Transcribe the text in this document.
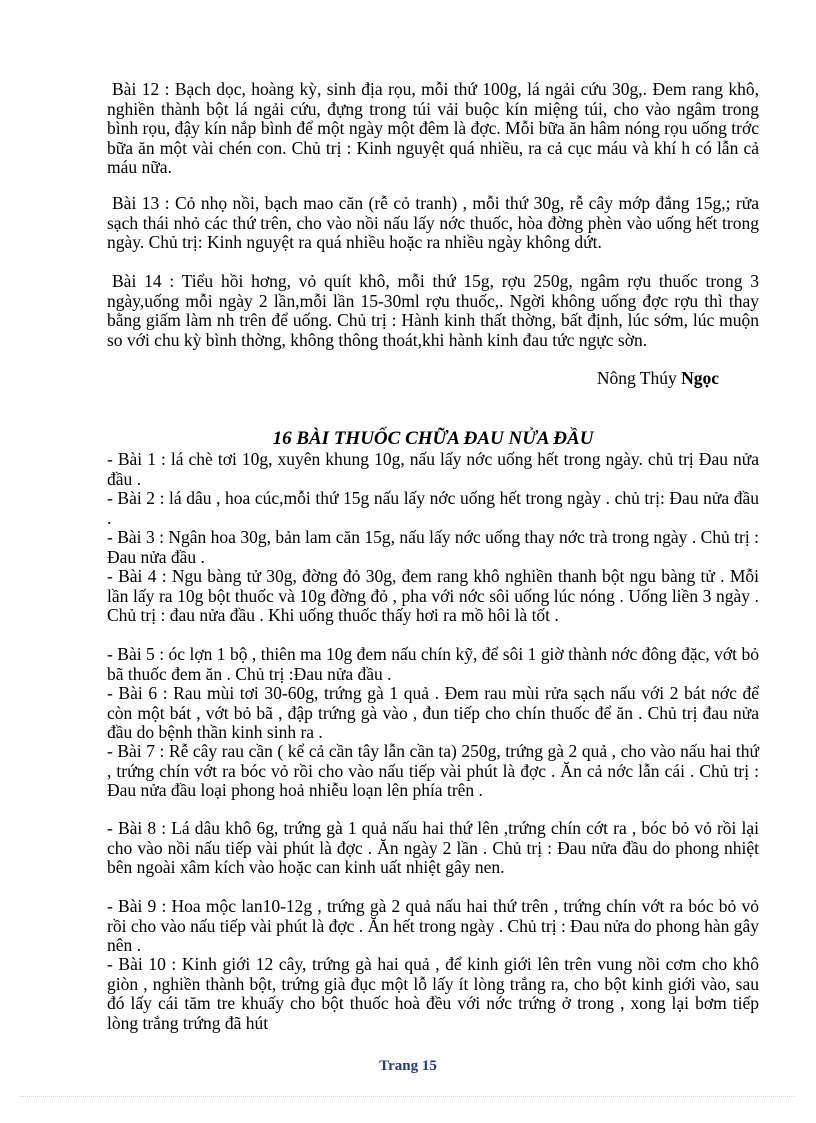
Bài 12 : Bạch dọc, hoàng kỳ, sinh địa rọu, mỗi thứ 100g, lá ngải cứu 30g,. Đem rang khô, nghiền thành bột lá ngải cứu, đựng trong túi vải buộc kín miệng túi, cho vào ngâm trong bình rọu, đậy kín nắp bình để một ngày một đêm là đợc. Mỗi bữa ăn hâm nóng rọu uống trớc bữa ăn một vài chén con. Chủ trị : Kinh nguyệt quá nhiều, ra cả cục máu và khí h có lẫn cả máu nữa.

Bài 13 : Cỏ nhọ nồi, bạch mao căn (rễ cỏ tranh) , mỗi thứ 30g, rễ cây mớp đắng 15g,; rửa sạch thái nhỏ các thứ trên, cho vào nồi nấu lấy nớc thuốc, hòa đờng phèn vào uống hết trong ngày. Chủ trị: Kinh nguyệt ra quá nhiều hoặc ra nhiều ngày không dứt.

Bài 14 : Tiểu hồi hơng, vỏ quít khô, mỗi thứ 15g, rợu 250g, ngâm rợu thuốc trong 3 ngày,uống mỗi ngày 2 lần,mỗi lần 15-30ml rợu thuốc,. Ngời không uống đợc rợu thì thay bằng giấm làm nh trên để uống. Chủ trị : Hành kinh thất thờng, bất định, lúc sớm, lúc muộn so với chu kỳ bình thờng, không thông thoát,khi hành kinh đau tức ngực sờn.

Nông Thúy Ngọc
16 BÀI THUỐC CHỮA ĐAU NỬA ĐẦU

- Bài 1 : lá chè tơi 10g, xuyên khung 10g, nấu lấy nớc uống hết trong ngày. chủ trị Đau nửa đầu .

- Bài 2 : lá dâu , hoa cúc,mỗi thứ 15g nấu lấy nớc uống hết trong ngày . chủ trị: Đau nửa đầu .

- Bài 3 : Ngân hoa 30g, bản lam căn 15g, nấu lấy nớc uống thay nớc trà trong ngày . Chủ trị : Đau nửa đầu .

- Bài 4 : Ngu bàng tử 30g, đờng đỏ 30g, đem rang khô nghiền thanh bột ngu bàng tử . Mỗi lần lấy ra 10g bột thuốc và 10g đờng đỏ , pha với nớc sôi uống lúc nóng . Uống liền 3 ngày . Chủ trị : đau nửa đầu . Khi uống thuốc thấy hơi ra mồ hôi là tốt .

- Bài 5 : óc lợn 1 bộ , thiên ma 10g đem nấu chín kỹ, để sôi 1 giờ thành nớc đông đặc, vớt bỏ bã thuốc đem ăn . Chủ trị :Đau nửa đầu .

- Bài 6 : Rau mùi tơi 30-60g, trứng gà 1 quả . Đem rau mùi rửa sạch nấu với 2 bát nớc để còn một bát , vớt bỏ bã , đập trứng gà vào , đun tiếp cho chín thuốc để ăn . Chủ trị đau nửa đầu do bệnh thần kinh sinh ra .

- Bài 7 : Rễ cây rau cần ( kể cả cần tây lẫn cần ta) 250g, trứng gà 2 quả , cho vào nấu hai thứ , trứng chín vớt ra bóc vỏ rồi cho vào nấu tiếp vài phút là đợc . Ăn cả nớc lẫn cái . Chủ trị : Đau nửa đầu loại phong hoả nhiễu loạn lên phía trên .

- Bài 8 : Lá dâu khô 6g, trứng gà 1 quả nấu hai thứ lên ,trứng chín cớt ra , bóc bỏ vỏ rồi lại cho vào nồi nấu tiếp vài phút là đợc . Ăn ngày 2 lần . Chủ trị : Đau nửa đầu do phong nhiệt bên ngoài xâm kích vào hoặc can kinh uất nhiệt gây nen.

- Bài 9 : Hoa mộc lan10-12g , trứng gà 2 quả nấu hai thứ trên , trứng chín vớt ra bóc bỏ vỏ rồi cho vào nấu tiếp vài phút là đợc . Ăn hết trong ngày . Chủ trị : Đau nửa do phong hàn gây nên .

- Bài 10 : Kinh giới 12 cây, trứng gà hai quả , để kinh giới lên trên vung nồi cơm cho khô giòn , nghiền thành bột, trứng già đục một lỗ lấy ít lòng trắng ra, cho bột kinh giới vào, sau đó lấy cái tăm tre khuấy cho bột thuốc hoà đều với nớc trứng ở trong , xong lại bơm tiếp lòng trắng trứng đã hút

Trang 15
